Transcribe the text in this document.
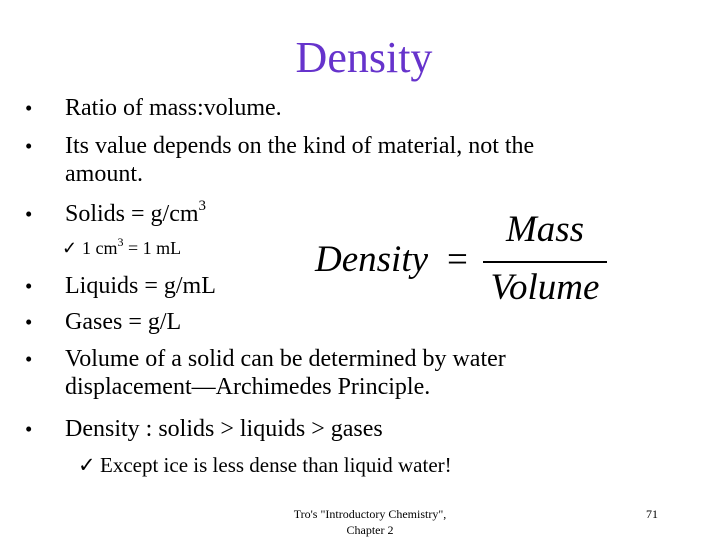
Density
•	Ratio of mass:volume.
•	Its value depends on the kind of material, not the
amount.
•	Solids = $g/cm^3$
✓ 1 $cm^3 = 1$ mL
•	Liquids = g/mL
•	Gases = g/L
•	Volume of a solid can be determined by water
displacement—Archimedes Principle.
•	Density : solids > liquids > gases
✓ Except ice is less dense than liquid water!
Density =
Mass
Volume
Tro's "Introductory Chemistry",
Chapter 2
71
